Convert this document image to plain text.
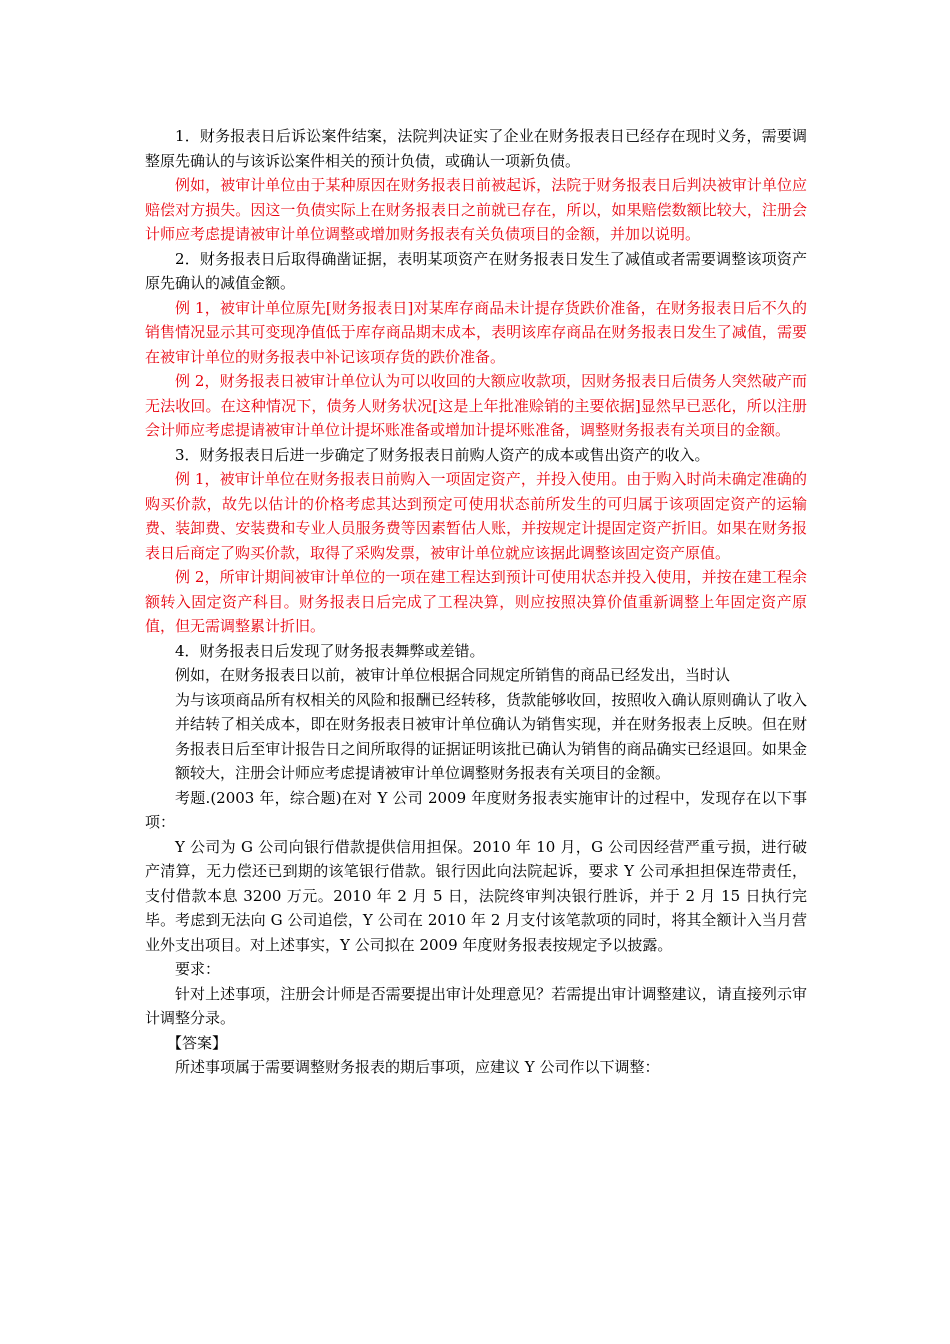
1．财务报表日后诉讼案件结案，法院判决证实了企业在财务报表日已经存在现时义务，需要调整原先确认的与该诉讼案件相关的预计负债，或确认一项新负债。

例如，被审计单位由于某种原因在财务报表日前被起诉，法院于财务报表日后判决被审计单位应赔偿对方损失。因这一负债实际上在财务报表日之前就已存在，所以，如果赔偿数额比较大，注册会计师应考虑提请被审计单位调整或增加财务报表有关负债项目的金额，并加以说明。

2．财务报表日后取得确凿证据，表明某项资产在财务报表日发生了减值或者需要调整该项资产原先确认的减值金额。

例 1，被审计单位原先[财务报表日]对某库存商品未计提存货跌价准备，在财务报表日后不久的销售情况显示其可变现净值低于库存商品期末成本，表明该库存商品在财务报表日发生了减值，需要在被审计单位的财务报表中补记该项存货的跌价准备。

例 2，财务报表日被审计单位认为可以收回的大额应收款项，因财务报表日后债务人突然破产而无法收回。在这种情况下，债务人财务状况[这是上年批准赊销的主要依据]显然早已恶化，所以注册会计师应考虑提请被审计单位计提坏账准备或增加计提坏账准备，调整财务报表有关项目的金额。

3．财务报表日后进一步确定了财务报表日前购人资产的成本或售出资产的收入。

例 1，被审计单位在财务报表日前购入一项固定资产，并投入使用。由于购入时尚未确定准确的购买价款，故先以估计的价格考虑其达到预定可使用状态前所发生的可归属于该项固定资产的运输费、装卸费、安装费和专业人员服务费等因素暂估人账，并按规定计提固定资产折旧。如果在财务报表日后商定了购买价款，取得了采购发票，被审计单位就应该据此调整该固定资产原值。

例 2，所审计期间被审计单位的一项在建工程达到预计可使用状态并投入使用，并按在建工程余额转入固定资产科目。财务报表日后完成了工程决算，则应按照决算价值重新调整上年固定资产原值，但无需调整累计折旧。

4．财务报表日后发现了财务报表舞弊或差错。

例如，在财务报表日以前，被审计单位根据合同规定所销售的商品已经发出，当时认

为与该项商品所有权相关的风险和报酬已经转移，货款能够收回，按照收入确认原则确认了收入并结转了相关成本，即在财务报表日被审计单位确认为销售实现，并在财务报表上反映。但在财务报表日后至审计报告日之间所取得的证据证明该批已确认为销售的商品确实已经退回。如果金额较大，注册会计师应考虑提请被审计单位调整财务报表有关项目的金额。

考题.(2003 年，综合题)在对 Y 公司 2009 年度财务报表实施审计的过程中，发现存在以下事项：

Y 公司为 G 公司向银行借款提供信用担保。2010 年 10 月，G 公司因经营严重亏损，进行破产清算，无力偿还已到期的该笔银行借款。银行因此向法院起诉，要求 Y 公司承担担保连带责任，支付借款本息 3200 万元。2010 年 2 月 5 日，法院终审判决银行胜诉，并于 2 月 15 日执行完毕。考虑到无法向 G 公司追偿，Y 公司在 2010 年 2 月支付该笔款项的同时，将其全额计入当月营业外支出项目。对上述事实，Y 公司拟在 2009 年度财务报表按规定予以披露。

要求：

针对上述事项，注册会计师是否需要提出审计处理意见？若需提出审计调整建议，请直接列示审计调整分录。

【答案】

所述事项属于需要调整财务报表的期后事项，应建议 Y 公司作以下调整：
